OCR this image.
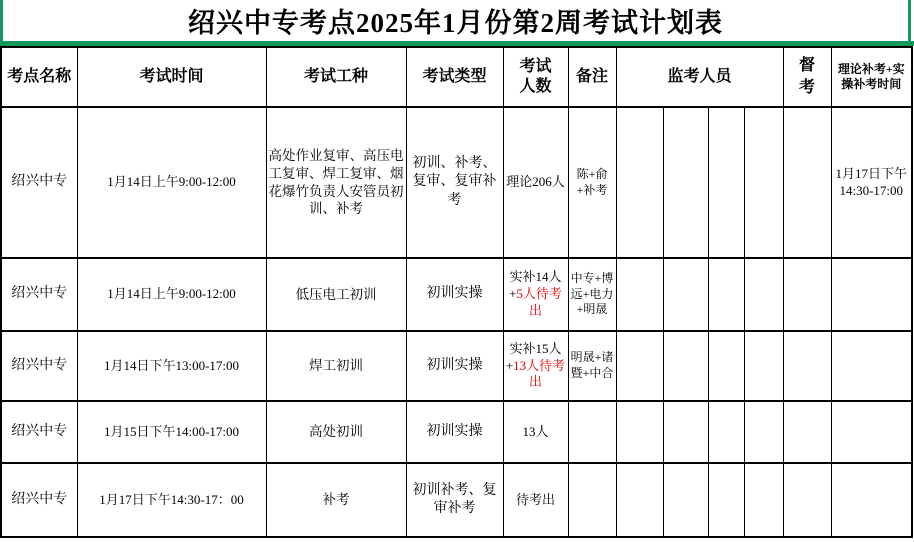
绍兴中专考点2025年1月份第2周考试计划表
考点名称	考试时间	考试工种	考试类型	考试人数	备注	监考人员				督考	理论补考+实操补考时间
绍兴中专	1月14日上午9:00-12:00	高处作业复审、高压电工复审、焊工复审、烟花爆竹负责人安管员初训、补考	初训、补考、复审、复审补考	理论206人	陈+俞+补考						1月17日下午14:30-17:00
绍兴中专	1月14日上午9:00-12:00	低压电工初训	初训实操	实补14人+5人待考出	中专+博远+电力+明晟						
绍兴中专	1月14日下午13:00-17:00	焊工初训	初训实操	实补15人+13人待考出	明晟+诸暨+中合						
绍兴中专	1月15日下午14:00-17:00	高处初训	初训实操	13人							
绍兴中专	1月17日下午14:30-17：00	补考	初训补考、复审补考	待考出							
